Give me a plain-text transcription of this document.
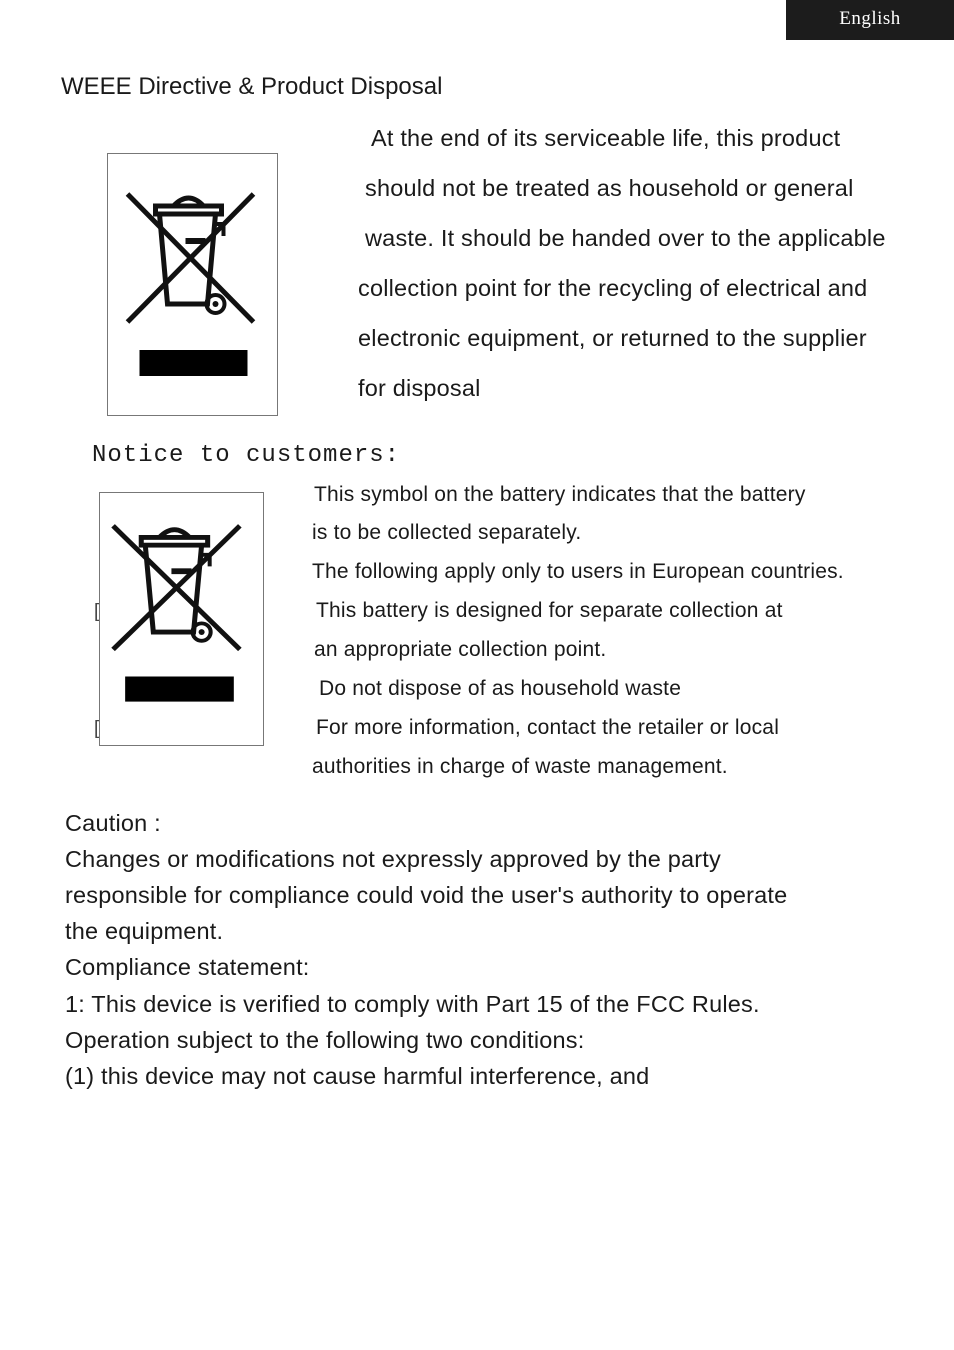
English
WEEE Directive & Product Disposal
At the end of its serviceable life, this product
should not be treated as household or general
waste. It should be handed over to the applicable
collection point for the recycling of electrical and
electronic equipment, or returned to the supplier
for disposal
Notice to customers:
[
[
This symbol on the battery indicates that the battery
is to be collected separately.
The following apply only to users in European countries.
This battery is designed for separate collection at
an appropriate collection point.
Do not dispose of as household waste
For more information, contact the retailer or local
authorities in charge of waste management.
Caution :
Changes or modifications not expressly approved by the party
responsible for compliance could void the user's authority to operate
the equipment.
Compliance statement:
1: This device is verified to comply with Part 15 of the FCC Rules.
Operation subject to the following two conditions:
(1) this device may not cause harmful interference, and
